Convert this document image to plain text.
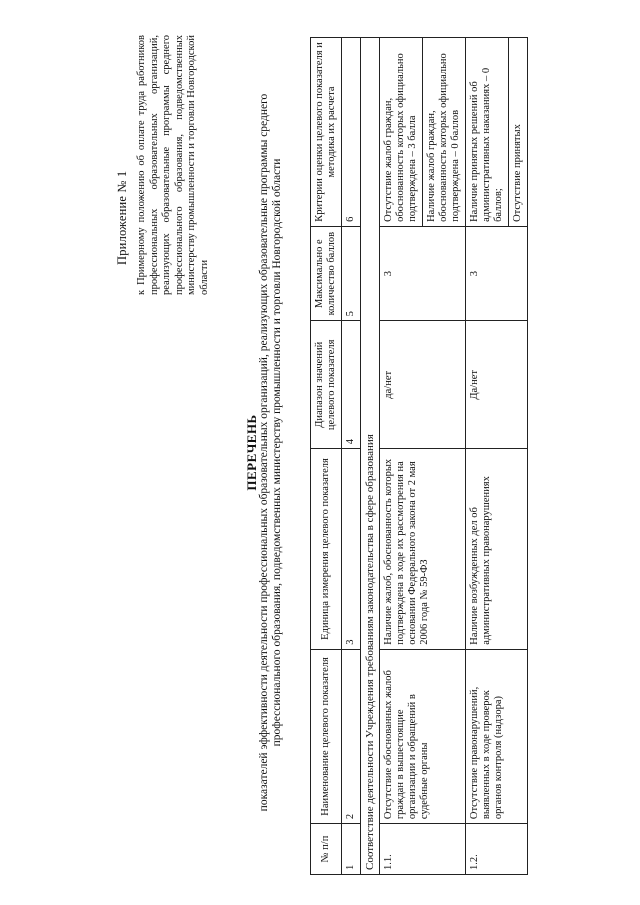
Приложение № 1 к Примерному положению об оплате труда работников профессиональных образовательных организаций, реализующих образовательные программы среднего профессионального образования, подведомственных министерству промышленности и торговли Новгородской области
ПЕРЕЧЕНЬ показателей эффективности деятельности профессиональных образовательных организаций, реализующих образовательные программы среднего профессионального образования, подведомственных министерству промышленности и торговли Новгородской области
№ п/п	Наименование целевого показателя	Единица измерения целевого показателя	Диапазон значений целевого показателя	Максимально е количество баллов	Критерии оценки целевого показателя и методика их расчета
1	2	3	4	5	6
Соответствие деятельности Учреждения требованиям законодательства в сфере образования					
1.1.	Отсутствие обоснованных жалоб граждан в вышестоящие организации и обращений в судебные органы	Наличие жалоб, обоснованность которых подтверждена в ходе их рассмотрения на основании Федерального закона от 2 мая 2006 года № 59-ФЗ	да/нет	3	Отсутствие жалоб граждан, обоснованность которых официально подтверждена – 3 балла Наличие жалоб граждан, обоснованность которых официально подтверждена – 0 баллов

1.2.	Отсутствие правонарушений, выявленных в ходе проверок органов контроля (надзора)	Наличие возбужденных дел об административных правонарушениях	Да/нет	3	Наличие принятых решений об административных наказаниях – 0 баллов; Отсутствие принятых
